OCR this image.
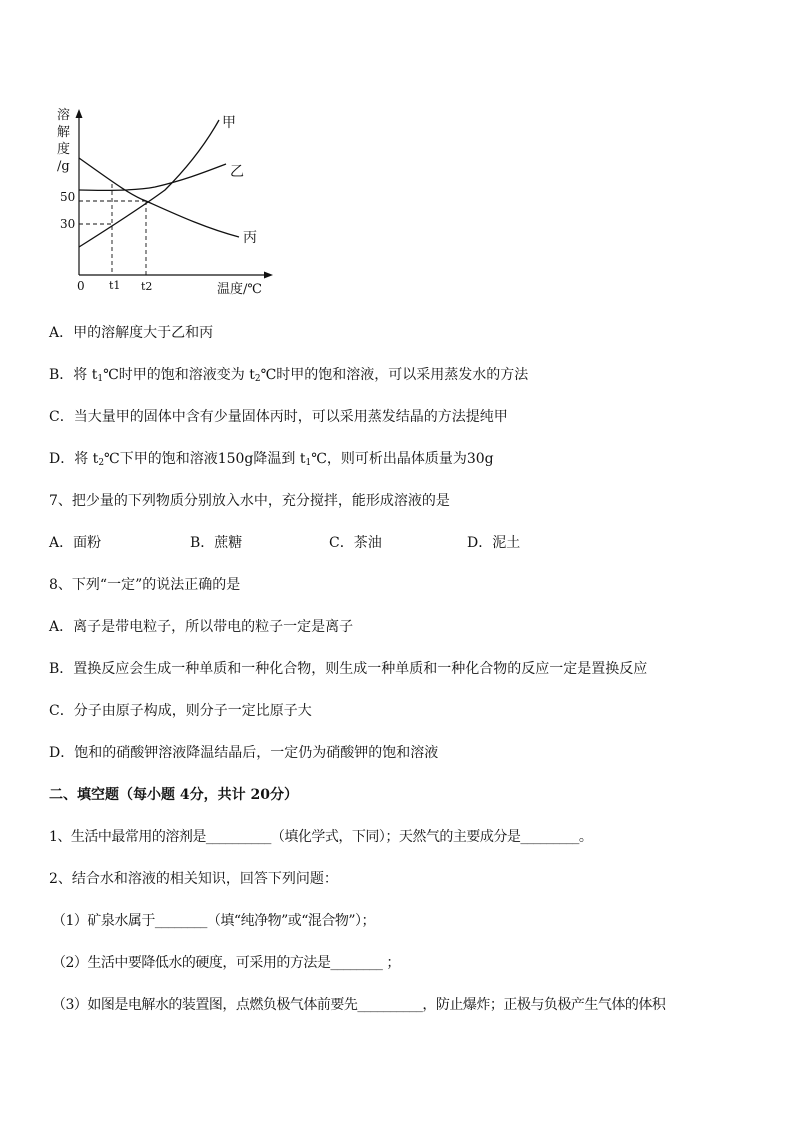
溶
解
度
/g
50
30
0 t1 t2	温度/℃
甲
乙
丙
A．甲的溶解度大于乙和丙
B．将 $t_1℃$时甲的饱和溶液变为 $t_2℃$时甲的饱和溶液，可以采用蒸发水的方法
C．当大量甲的固体中含有少量固体丙时，可以采用蒸发结晶的方法提纯甲
D．将 $t_2℃$下甲的饱和溶液150g降温到 $t_1℃$，则可析出晶体质量为30g
7、把少量的下列物质分别放入水中，充分搅拌，能形成溶液的是
A．面粉	B．蔗糖	C．茶油	D．泥土
8、下列“一定”的说法正确的是
A．离子是带电粒子，所以带电的粒子一定是离子
B．置换反应会生成一种单质和一种化合物，则生成一种单质和一种化合物的反应一定是置换反应
C．分子由原子构成，则分子一定比原子大
D．饱和的硝酸钾溶液降温结晶后，一定仍为硝酸钾的饱和溶液
二、填空题（每小题 4分，共计 20分）
1、生活中最常用的溶剂是__________（填化学式，下同）；天然气的主要成分是_________。
2、结合水和溶液的相关知识，回答下列问题：
（1）矿泉水属于________（填“纯净物”或“混合物”）；
（2）生活中要降低水的硬度，可采用的方法是________ ；
（3）如图是电解水的装置图，点燃负极气体前要先__________，防止爆炸；正极与负极产生气体的体积
